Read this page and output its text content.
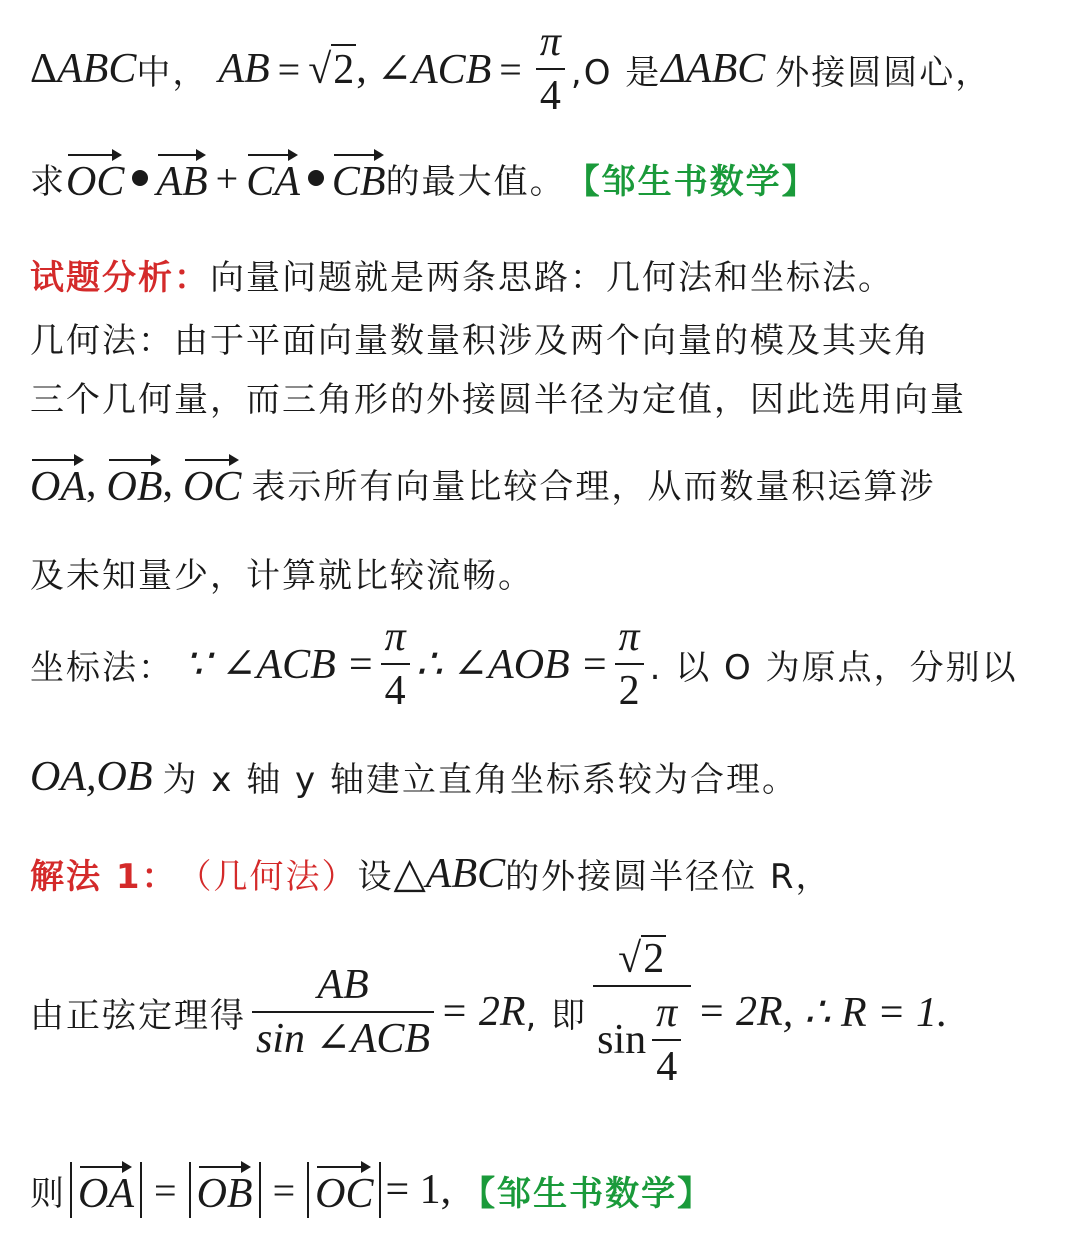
Δ ABC 中， AB = √ 2 , ∠ACB = $\frac{\pi}{4} ,O$ 是 ΔABC 外接圆圆心，
求 OC AB + CA CB 的最大值。 【邹生书数学】
试题分析： 向量问题就是两条思路：几何法和坐标法。
几何法：由于平面向量数量积涉及两个向量的模及其夹角
三个几何量，而三角形的外接圆半径为定值，因此选用向量
OA , OB , OC 表示所有向量比较合理，从而数量积运算涉
及未知量少，计算就比较流畅。
坐标法： ∵ ∠ACB = $\frac{\pi}{4}$ ∴ ∠AOB = $\frac{\pi}{2}$ . 以 O 为原点，分别以
OA,OB 为 x 轴 y 轴建立直角坐标系较为合理。
解法 1： （几何法） 设 △ABC 的外接圆半径位 R，
由正弦定理得 $\frac{AB}{\text{sin ∠ACB}} = 2R$ , 即 $\frac{√ 2}{\sin \frac{\pi}{4}} = 2R$ , ∴ R = 1.
则 OA = OB = OC = 1 , 【邹生书数学】
